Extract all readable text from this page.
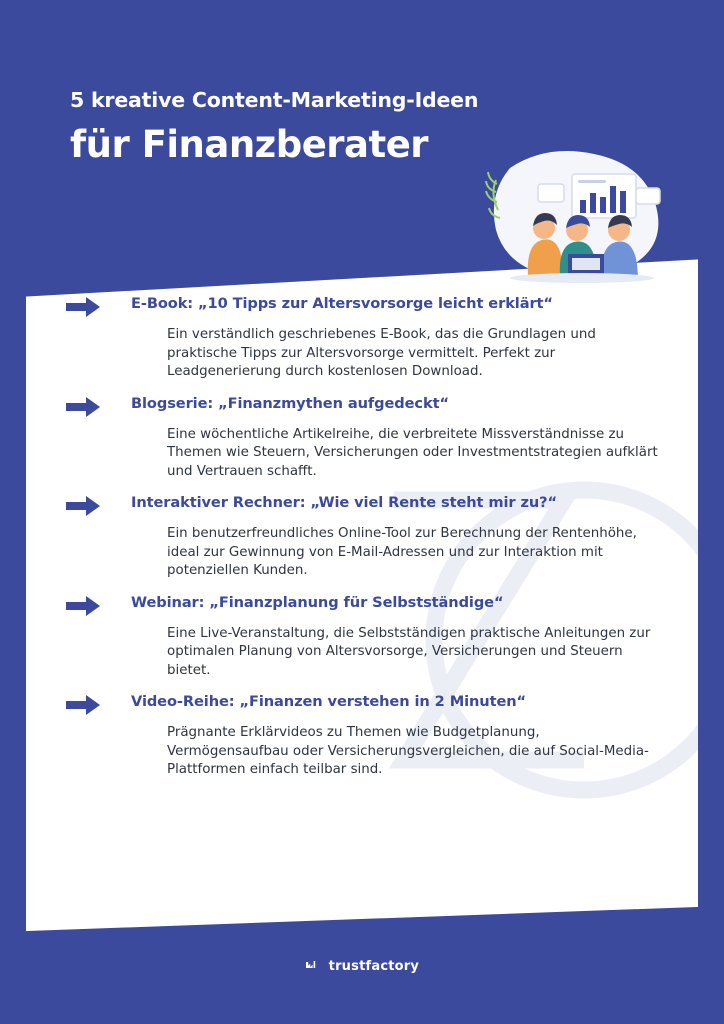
5 kreative Content-Marketing-Ideen
für Finanzberater
E-Book: „10 Tipps zur Altersvorsorge leicht erklärt“
Ein verständlich geschriebenes E-Book, das die Grundlagen und praktische Tipps zur Altersvorsorge vermittelt. Perfekt zur Leadgenerierung durch kostenlosen Download.
Blogserie: „Finanzmythen aufgedeckt“
Eine wöchentliche Artikelreihe, die verbreitete Missverständnisse zu Themen wie Steuern, Versicherungen oder Investmentstrategien aufklärt und Vertrauen schafft.
Interaktiver Rechner: „Wie viel Rente steht mir zu?“
Ein benutzerfreundliches Online-Tool zur Berechnung der Rentenhöhe, ideal zur Gewinnung von E-Mail-Adressen und zur Interaktion mit potenziellen Kunden.
Webinar: „Finanzplanung für Selbstständige“
Eine Live-Veranstaltung, die Selbstständigen praktische Anleitungen zur optimalen Planung von Altersvorsorge, Versicherungen und Steuern bietet.
Video-Reihe: „Finanzen verstehen in 2 Minuten“
Prägnante Erklärvideos zu Themen wie Budgetplanung, Vermögensaufbau oder Versicherungsvergleichen, die auf Social-Media-Plattformen einfach teilbar sind.
trustfactory
